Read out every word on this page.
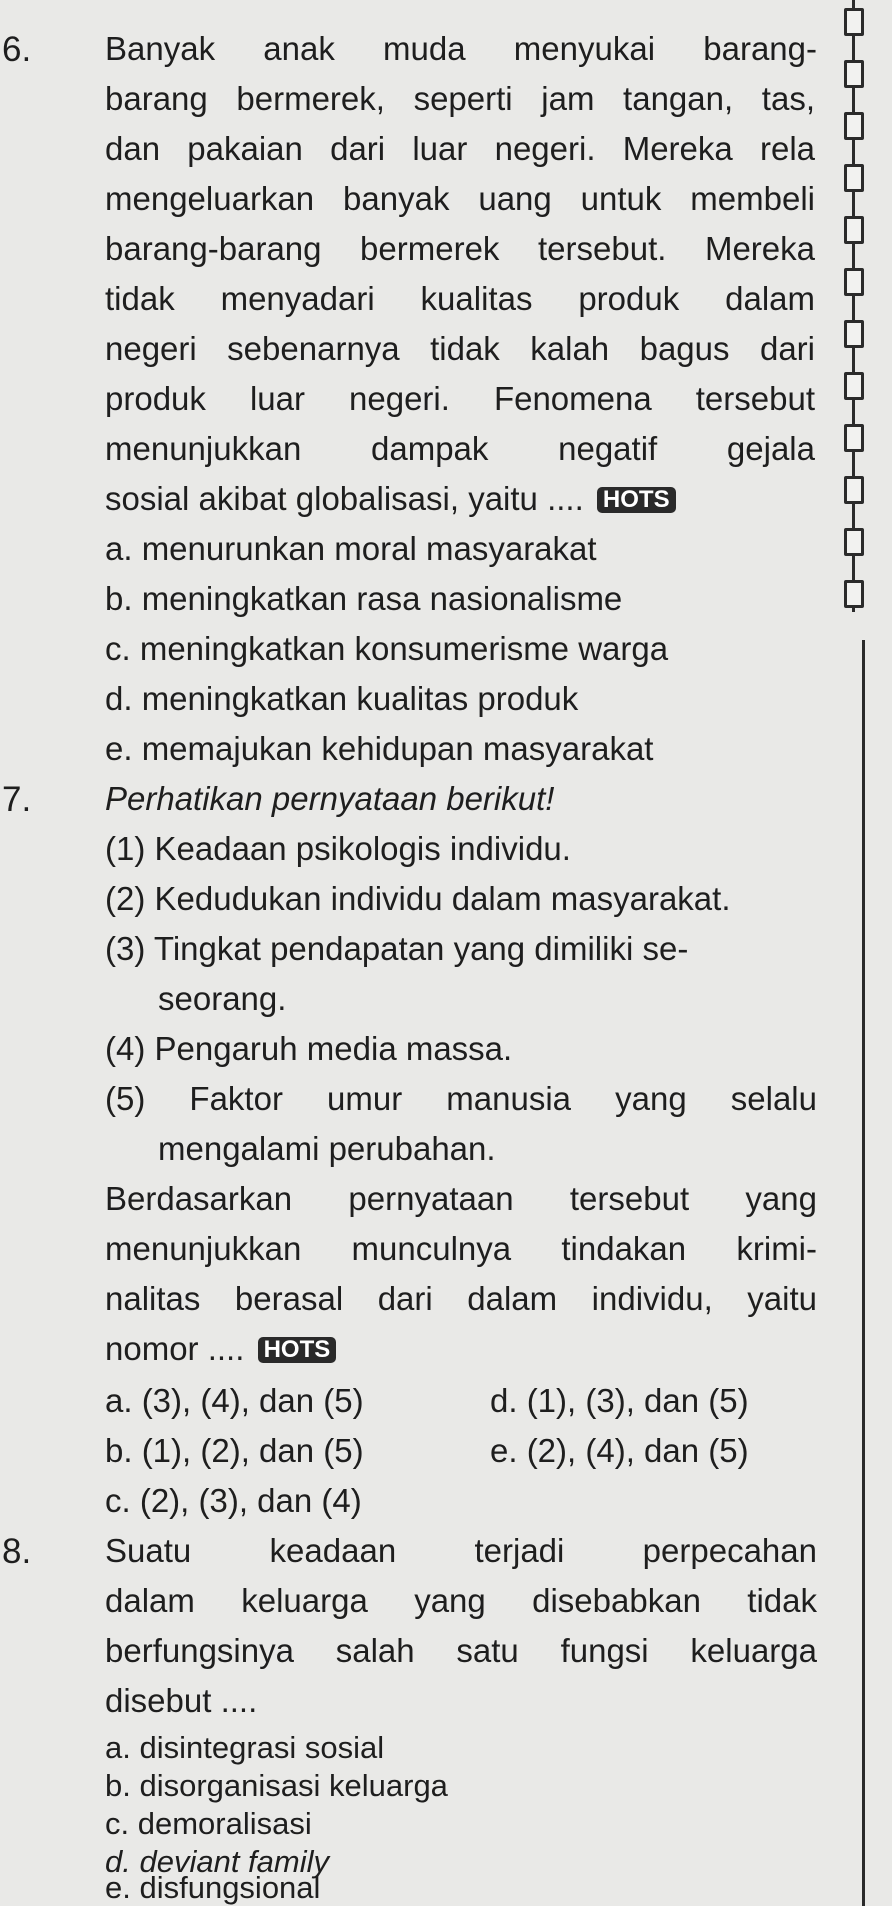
6. Banyak anak muda menyukai barang-
barang bermerek, seperti jam tangan, tas,
dan pakaian dari luar negeri. Mereka rela
mengeluarkan banyak uang untuk membeli
barang-barang bermerek tersebut. Mereka
tidak menyadari kualitas produk dalam
negeri sebenarnya tidak kalah bagus dari
produk luar negeri. Fenomena tersebut
menunjukkan dampak negatif gejala
sosial akibat globalisasi, yaitu .... HOTS
a. menurunkan moral masyarakat
b. meningkatkan rasa nasionalisme
c. meningkatkan konsumerisme warga
d. meningkatkan kualitas produk
e. memajukan kehidupan masyarakat
7. Perhatikan pernyataan berikut!
(1) Keadaan psikologis individu.
(2) Kedudukan individu dalam masyarakat.
(3) Tingkat pendapatan yang dimiliki se-
seorang.
(4) Pengaruh media massa.
(5) Faktor umur manusia yang selalu
mengalami perubahan.
Berdasarkan pernyataan tersebut yang
menunjukkan munculnya tindakan krimi-
nalitas berasal dari dalam individu, yaitu
nomor .... HOTS
a. (3), (4), dan (5)	d. (1), (3), dan (5)
b. (1), (2), dan (5)	e. (2), (4), dan (5)
c. (2), (3), dan (4)
8. Suatu keadaan terjadi perpecahan
dalam keluarga yang disebabkan tidak
berfungsinya salah satu fungsi keluarga
disebut ....
a. disintegrasi sosial
b. disorganisasi keluarga
c. demoralisasi
d. deviant family
e. disfungsional
